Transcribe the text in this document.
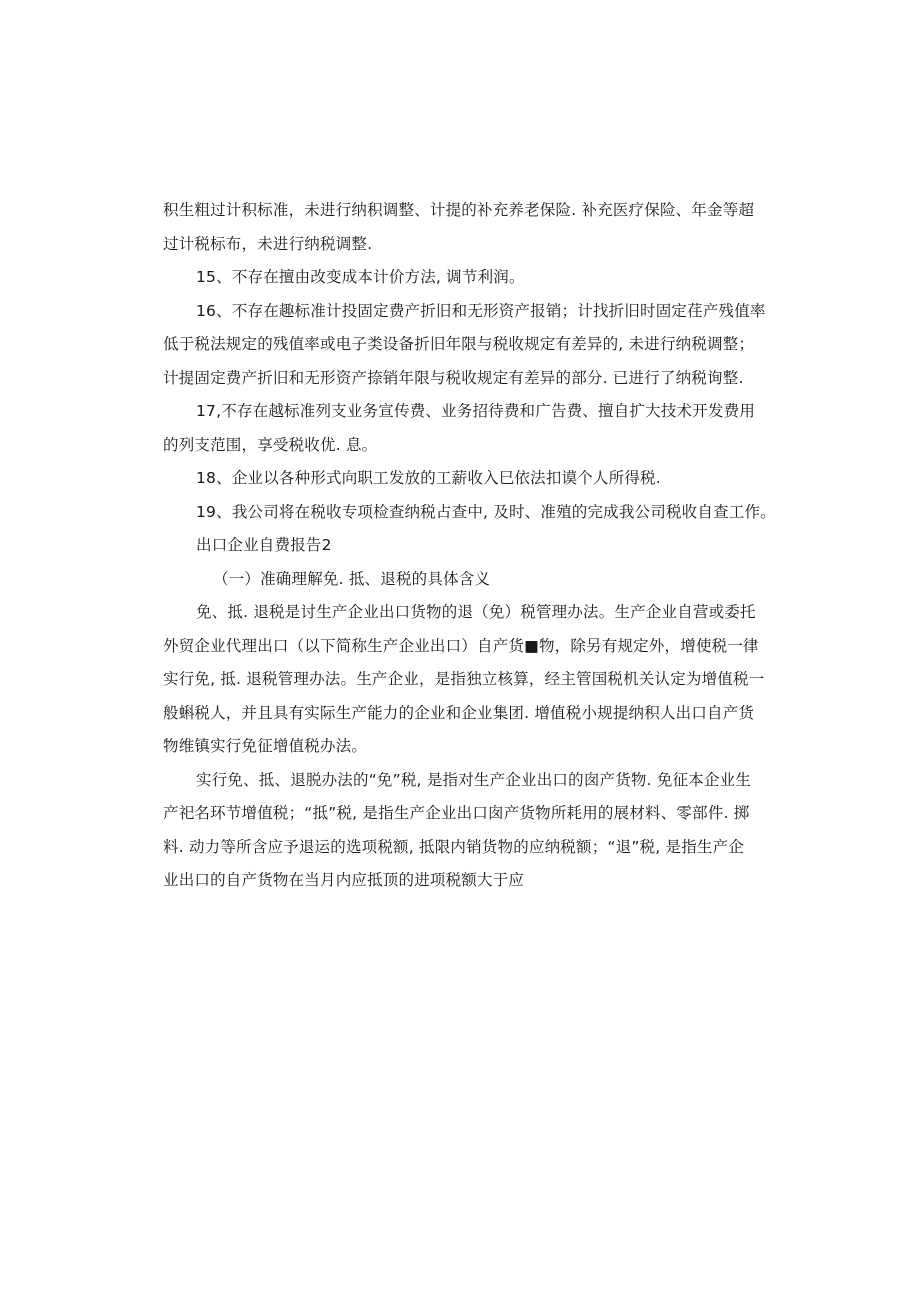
积生粗过计积标准，未进行纳积调整、计提的补充养老保险. 补充医疗保险、年金等超
过计税标布，未进行纳税调整.
15、不存在擅由改变成本计价方法, 调节利润。
16、不存在趣标准计投固定费产折旧和无形资产报销；计找折旧时固定荏产残值率
低于税法规定的残值率或电子类设备折旧年限与税收规定有差异的, 未进行纳税调整；
计提固定费产折旧和无形资产捺销年限与税收规定有差异的部分. 已进行了纳税询整.
17,不存在越标准列支业务宣传费、业务招待费和广告费、擅自扩大技术开发费用
的列支范围，享受税收优. 息。
18、企业以各种形式向职工发放的工薪收入巳依法扣谟个人所得税.
19、我公司将在税收专项检查纳税占查中, 及时、准殖的完成我公司税收自查工作。
出口企业自费报告2
（一）准确理解免. 抵、退税的具体含义
免、抵. 退税是讨生产企业出口货物的退（免）税管理办法。生产企业自营或委托
外贸企业代理出口（以下简称生产企业出口）自产货■物，除另有规定外，增使税一律
实行免, 抵. 退税管理办法。生产企业，是指独立核算，经主管国税机关认定为增值税一
般蝌税人，并且具有实际生产能力的企业和企业集团. 增值税小规提纳积人出口自产货
物维镇实行免征增值税办法。
实行免、抵、退脱办法的“免”税, 是指对生产企业出口的囱产货物. 免征本企业生
产祀名环节增值税；“抵”税, 是指生产企业出口囱产货物所耗用的展材料、零部件. 掷
料. 动力等所含应予退运的选项税额, 抵限内销货物的应纳税额；“退”税, 是指生产企
业出口的自产货物在当月内应抵顶的进项税额大于应
